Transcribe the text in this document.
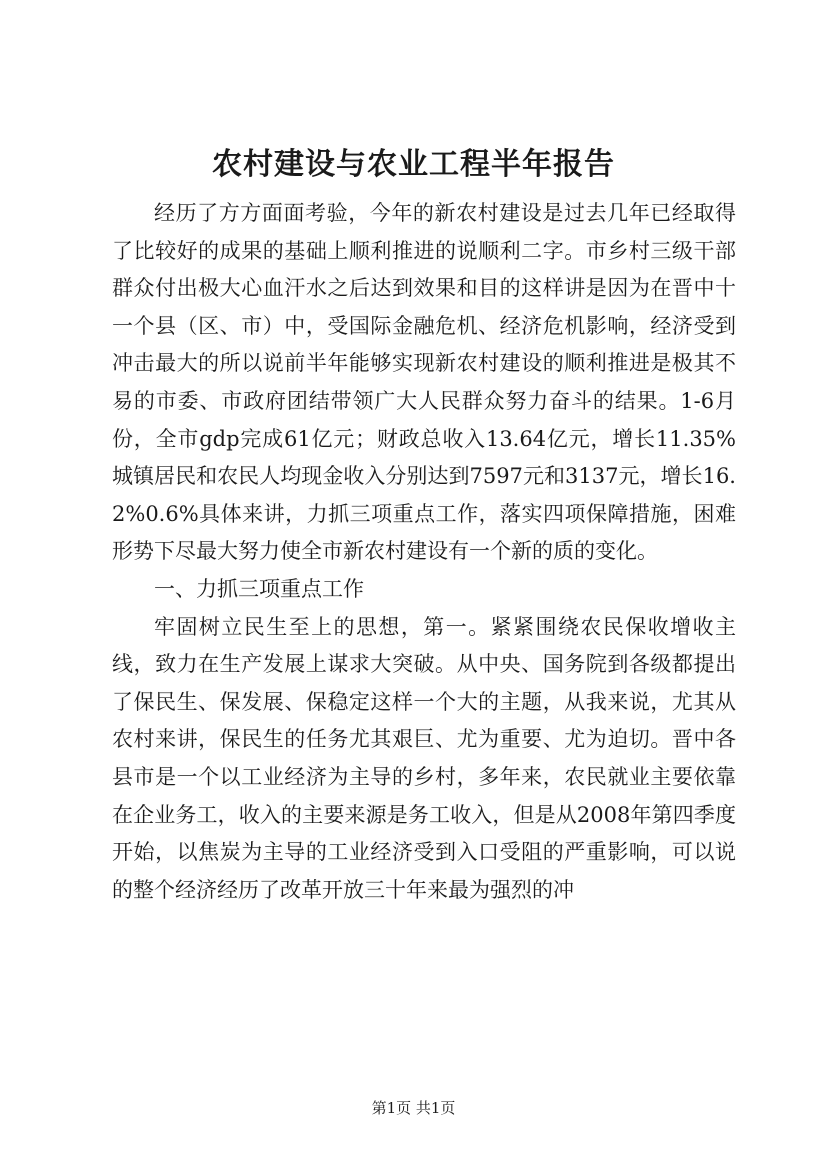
农村建设与农业工程半年报告

经历了方方面面考验，今年的新农村建设是过去几年已经取得了比较好的成果的基础上顺利推进的说顺利二字。市乡村三级干部群众付出极大心血汗水之后达到效果和目的这样讲是因为在晋中十一个县（区、市）中，受国际金融危机、经济危机影响，经济受到冲击最大的所以说前半年能够实现新农村建设的顺利推进是极其不易的市委、市政府团结带领广大人民群众努力奋斗的结果。1-6月份，全市gdp完成61亿元；财政总收入13.64亿元，增长11.35%城镇居民和农民人均现金收入分别达到7597元和3137元，增长16.2%0.6%具体来讲，力抓三项重点工作，落实四项保障措施，困难形势下尽最大努力使全市新农村建设有一个新的质的变化。

一、力抓三项重点工作

牢固树立民生至上的思想，第一。紧紧围绕农民保收增收主线，致力在生产发展上谋求大突破。从中央、国务院到各级都提出了保民生、保发展、保稳定这样一个大的主题，从我来说，尤其从农村来讲，保民生的任务尤其艰巨、尤为重要、尤为迫切。晋中各县市是一个以工业经济为主导的乡村，多年来，农民就业主要依靠在企业务工，收入的主要来源是务工收入，但是从2008年第四季度开始，以焦炭为主导的工业经济受到入口受阻的严重影响，可以说的整个经济经历了改革开放三十年来最为强烈的冲

第1页 共1页
